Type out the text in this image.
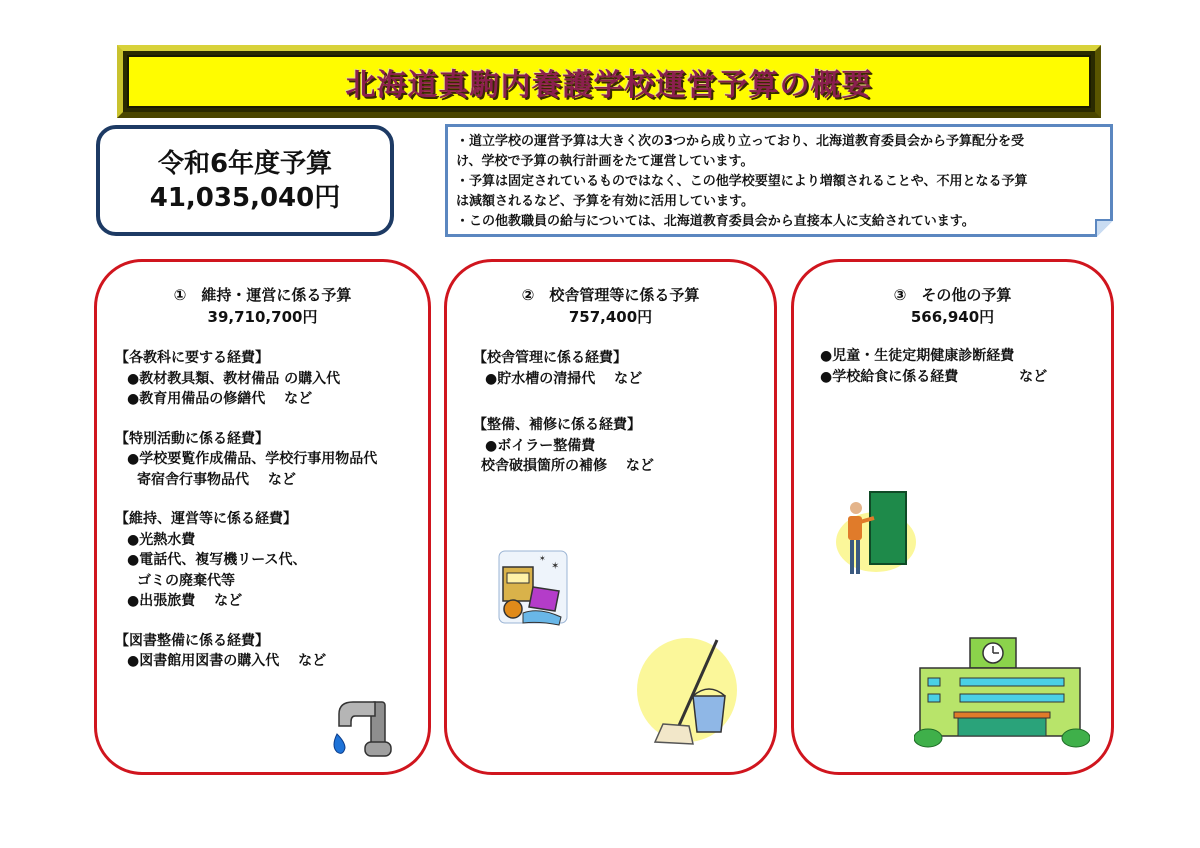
北海道真駒内養護学校運営予算の概要
令和6年度予算
41,035,040円
・道立学校の運営予算は大きく次の3つから成り立っており、北海道教育委員会から予算配分を受
け、学校で予算の執行計画をたて運営しています。
・予算は固定されているものではなく、この他学校要望により増額されることや、不用となる予算
は減額されるなど、予算を有効に活用しています。
・この他教職員の給与については、北海道教育委員会から直接本人に支給されています。
①　維持・運営に係る予算
39,710,700円
【各教科に要する経費】
●教材教具類、教材備品 の購入代
●教育用備品の修繕代　 など
【特別活動に係る経費】
●学校要覧作成備品、学校行事用物品代
寄宿舎行事物品代　 など
【維持、運営等に係る経費】
●光熱水費
●電話代、複写機リース代、
ゴミの廃棄代等
●出張旅費　 など
【図書整備に係る経費】
●図書館用図書の購入代　 など
②　校舎管理等に係る予算
757,400円
【校舎管理に係る経費】
●貯水槽の清掃代　 など
【整備、補修に係る経費】
●ボイラー整備費
校舎破損箇所の補修　 など
✶
✶
③　その他の予算
566,940円
●児童・生徒定期健康診断経費
●学校給食に係る経費　　　　 など
